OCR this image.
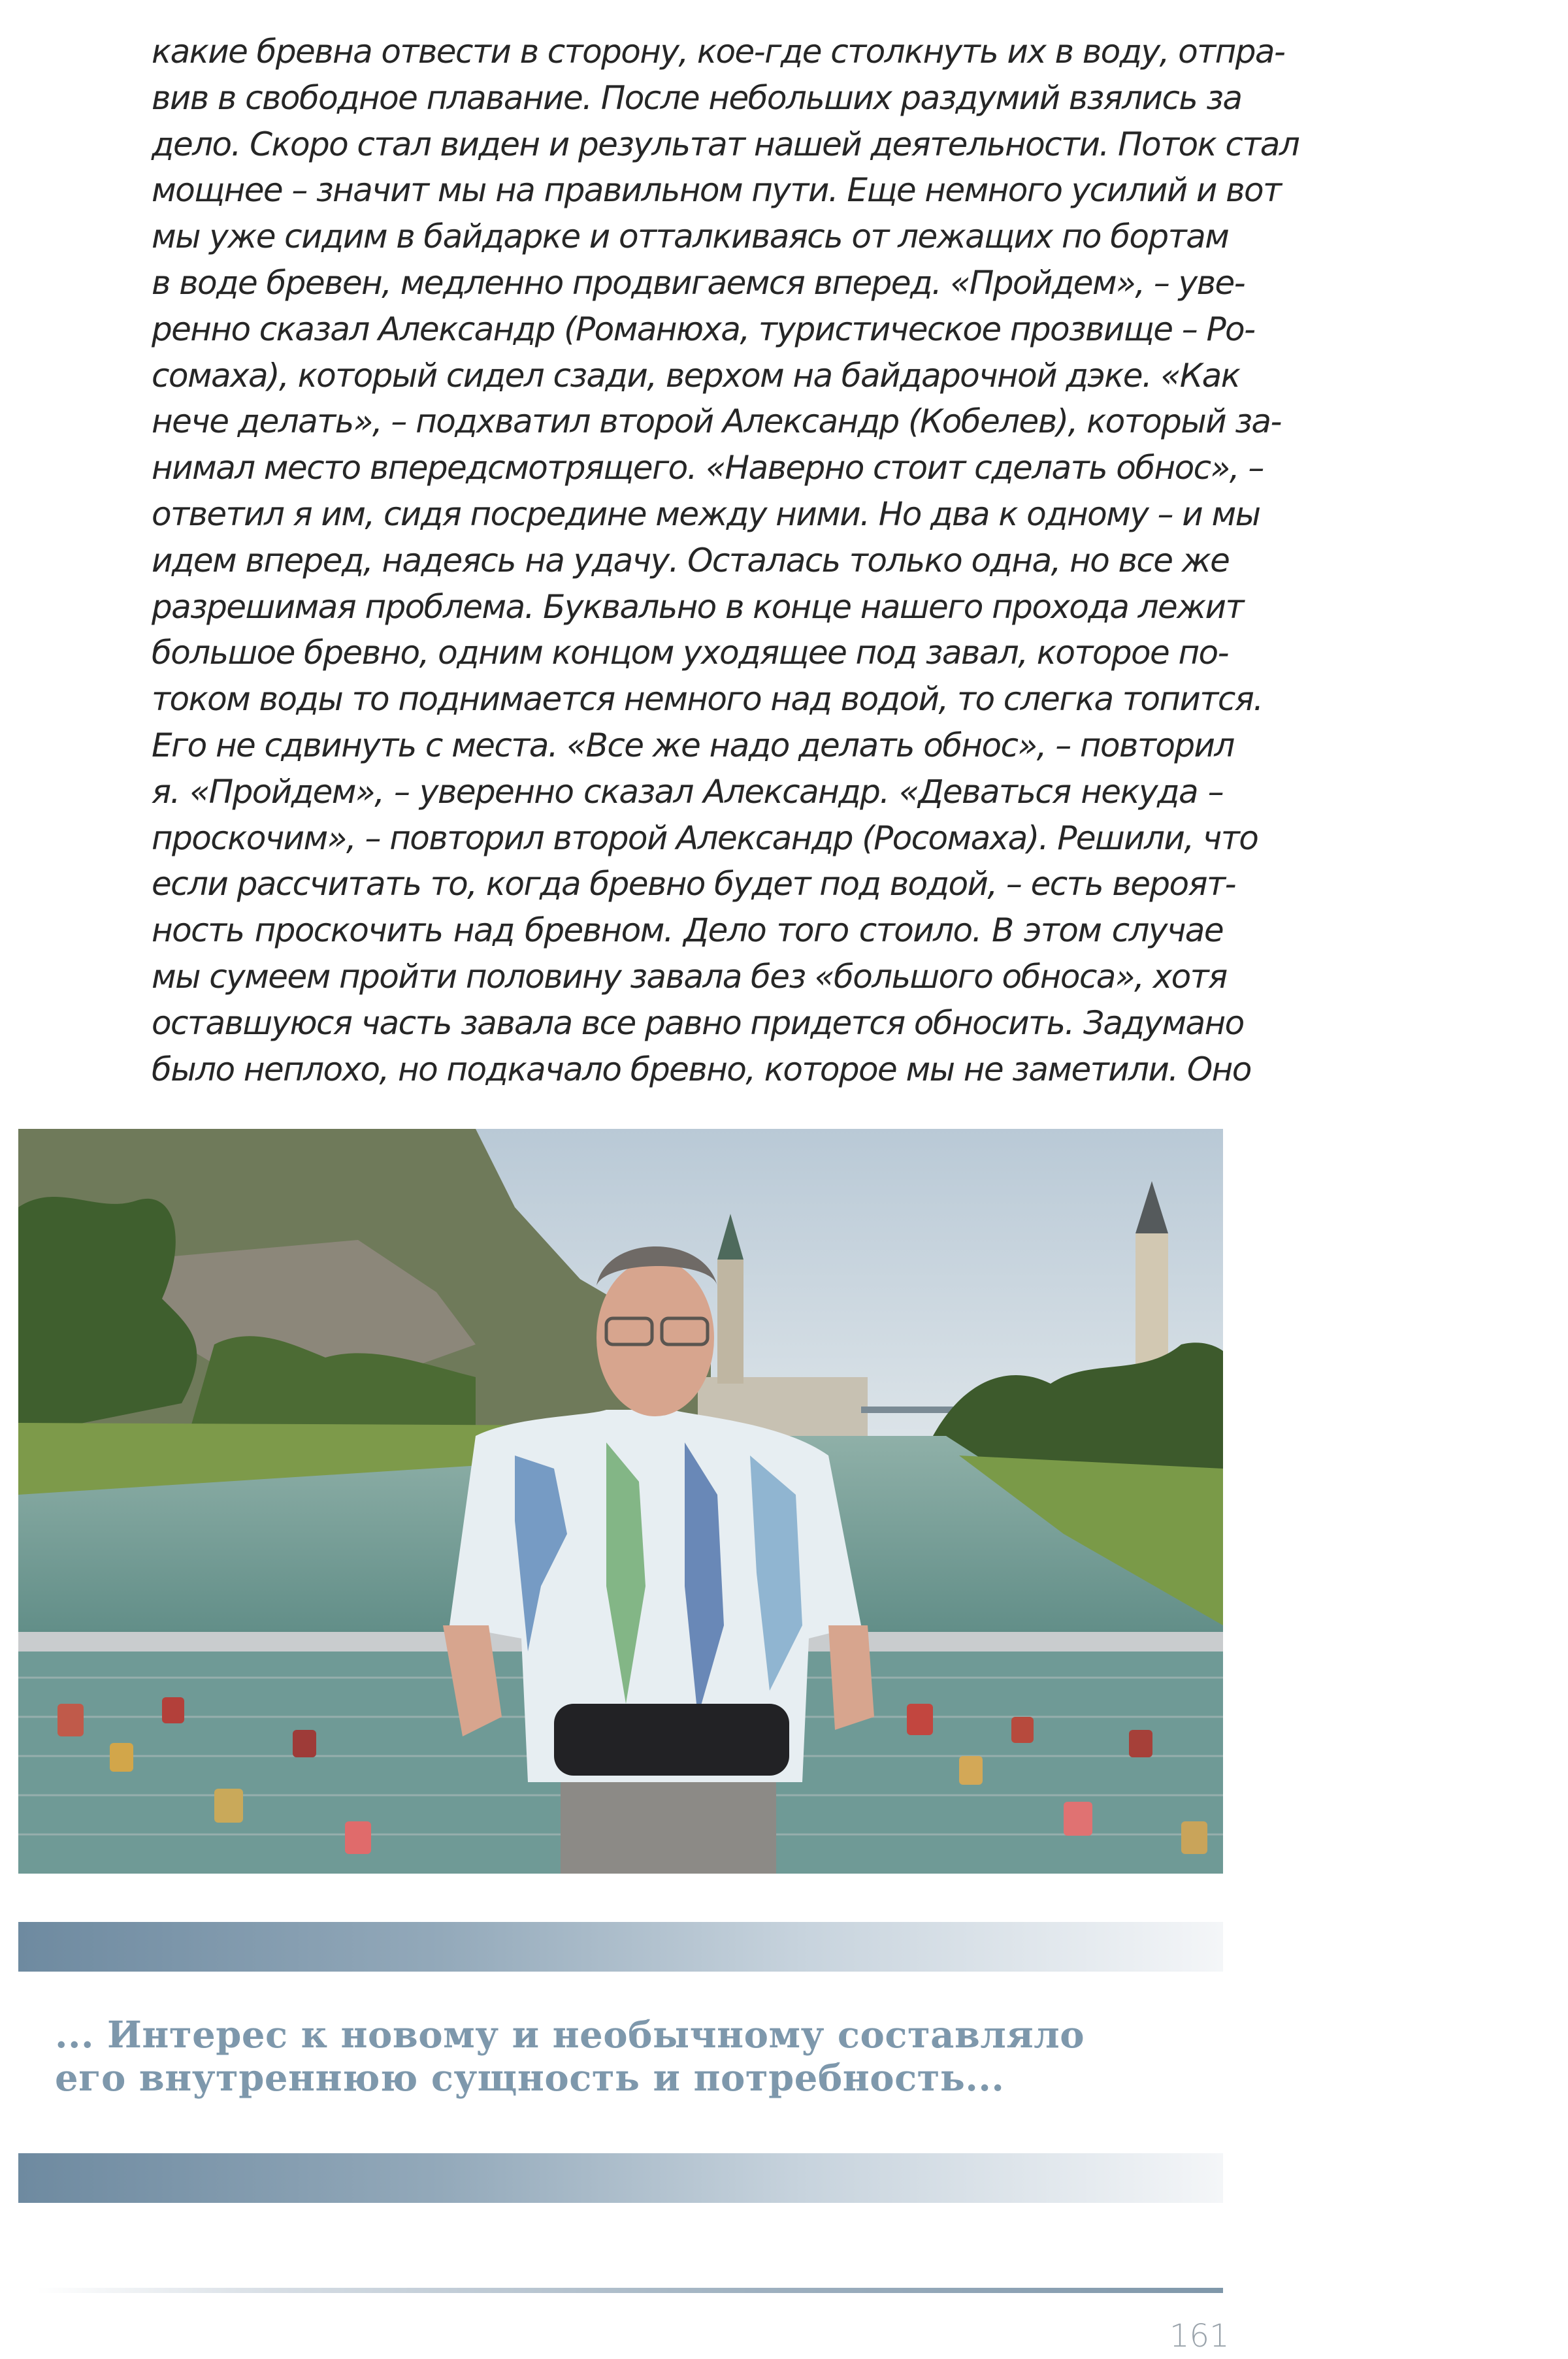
какие бревна отвести в сторону, кое-где столкнуть их в воду, отпра-
вив в свободное плавание. После небольших раздумий взялись за
дело. Скоро стал виден и результат нашей деятельности. Поток стал
мощнее – значит мы на правильном пути. Еще немного усилий и вот
мы уже сидим в байдарке и отталкиваясь от лежащих по бортам
в воде бревен, медленно продвигаемся вперед. «Пройдем», – уве-
ренно сказал Александр (Романюха, туристическое прозвище – Ро-
сомаха), который сидел сзади, верхом на байдарочной дэке. «Как
нече делать», – подхватил второй Александр (Кобелев), который за-
нимал место впередсмотрящего. «Наверно стоит сделать обнос», –
ответил я им, сидя посредине между ними. Но два к одному – и мы
идем вперед, надеясь на удачу. Осталась только одна, но все же
разрешимая проблема. Буквально в конце нашего прохода лежит
большое бревно, одним концом уходящее под завал, которое по-
током воды то поднимается немного над водой, то слегка топится.
Его не сдвинуть с места. «Все же надо делать обнос», – повторил
я. «Пройдем», – уверенно сказал Александр. «Деваться некуда –
проскочим», – повторил второй Александр (Росомаха). Решили, что
если рассчитать то, когда бревно будет под водой, – есть вероят-
ность проскочить над бревном. Дело того стоило. В этом случае
мы сумеем пройти половину завала без «большого обноса», хотя
оставшуюся часть завала все равно придется обносить. Задумано
было неплохо, но подкачало бревно, которое мы не заметили. Оно
... Интерес к новому и необычному составляло
его внутреннюю сущность и потребность...
161
